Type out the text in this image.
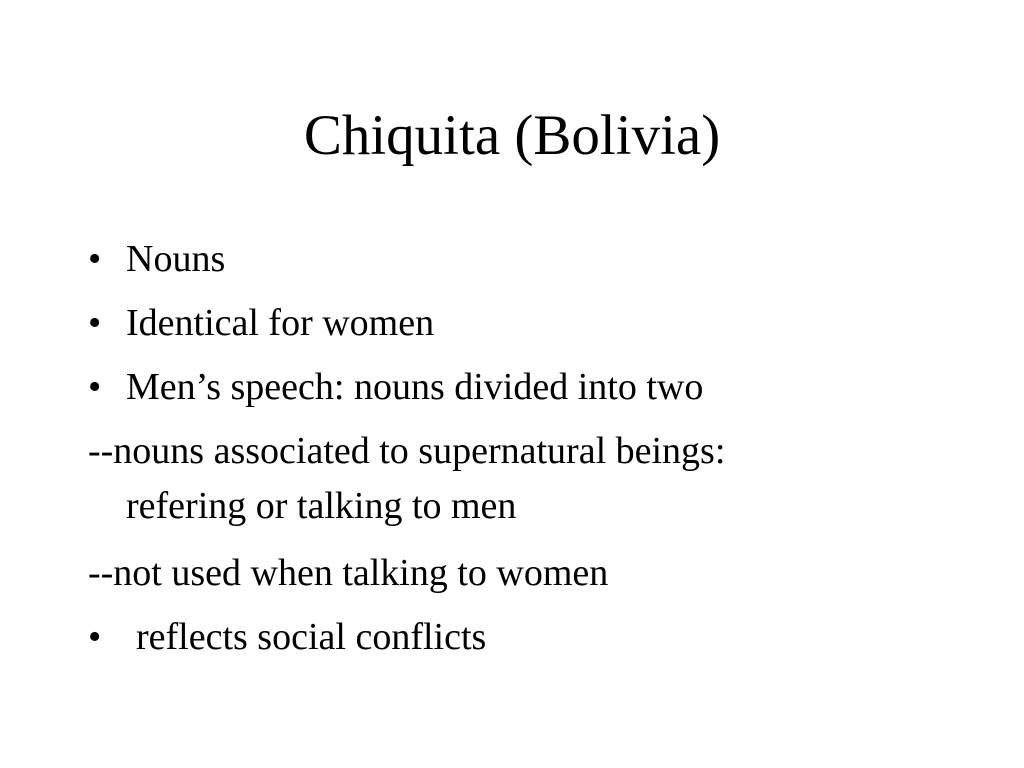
Chiquita (Bolivia)
• Nouns
• Identical for women
• Men’s speech: nouns divided into two
--nouns associated to supernatural beings:
refering or talking to men
--not used when talking to women
• reflects social conflicts
